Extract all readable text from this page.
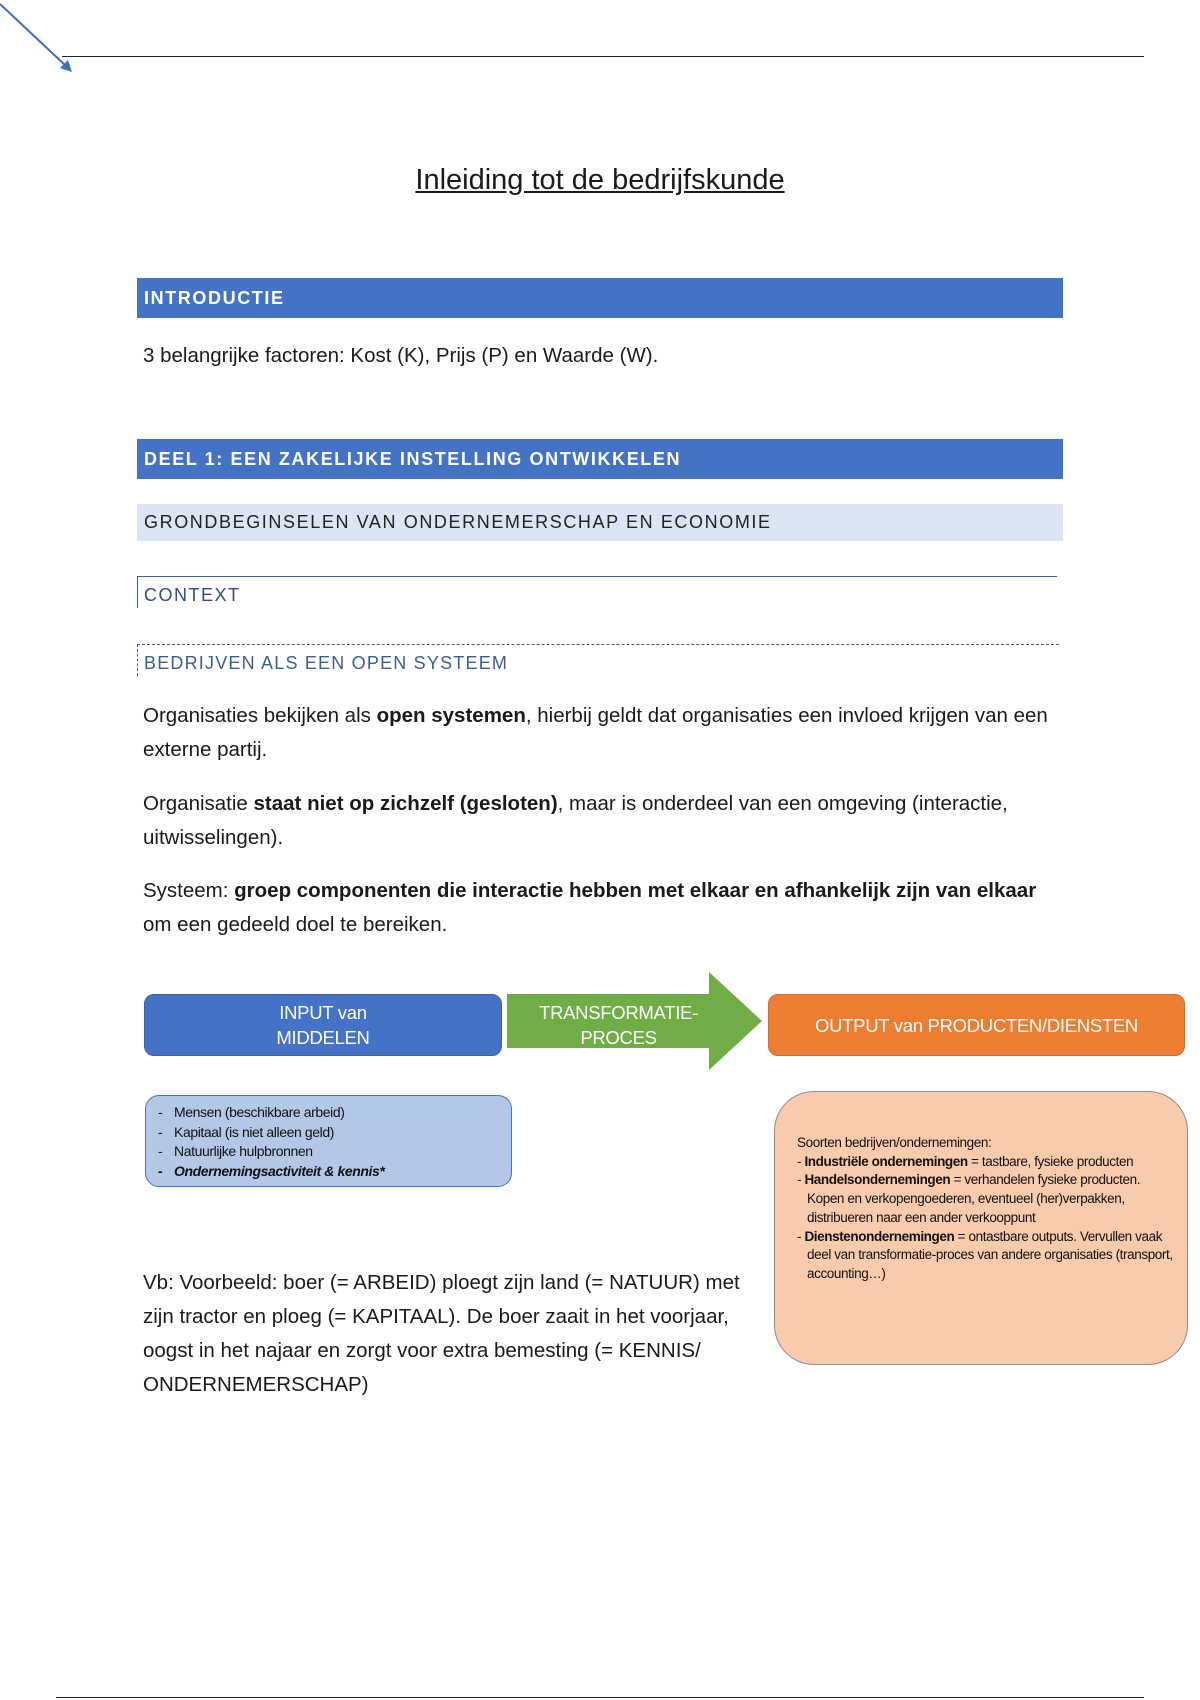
Inleiding tot de bedrijfskunde
INTRODUCTIE
3 belangrijke factoren: Kost (K), Prijs (P) en Waarde (W).
DEEL 1: EEN ZAKELIJKE INSTELLING ONTWIKKELEN
GRONDBEGINSELEN VAN ONDERNEMERSCHAP EN ECONOMIE
CONTEXT
BEDRIJVEN ALS EEN OPEN SYSTEEM
Organisaties bekijken als open systemen, hierbij geldt dat organisaties een invloed krijgen van een externe partij.
Organisatie staat niet op zichzelf (gesloten), maar is onderdeel van een omgeving (interactie, uitwisselingen).
Systeem: groep componenten die interactie hebben met elkaar en afhankelijk zijn van elkaar om een gedeeld doel te bereiken.
INPUT van
MIDDELEN
TRANSFORMATIE-
PROCES
OUTPUT van PRODUCTEN/DIENSTEN
- Mensen (beschikbare arbeid)
- Kapitaal (is niet alleen geld)
- Natuurlijke hulpbronnen
- Ondernemingsactiviteit & kennis*
Soorten bedrijven/ondernemingen:
- Industriële ondernemingen = tastbare, fysieke producten
- Handelsondernemingen = verhandelen fysieke producten. Kopen en verkopengoederen, eventueel (her)verpakken, distribueren naar een ander verkooppunt
- Dienstenondernemingen = ontastbare outputs. Vervullen vaak deel van transformatie-proces van andere organisaties (transport, accounting…)
Vb: Voorbeeld: boer (= ARBEID) ploegt zijn land (= NATUUR) met zijn tractor en ploeg (= KAPITAAL). De boer zaait in het voorjaar, oogst in het najaar en zorgt voor extra bemesting (= KENNIS/ ONDERNEMERSCHAP)
